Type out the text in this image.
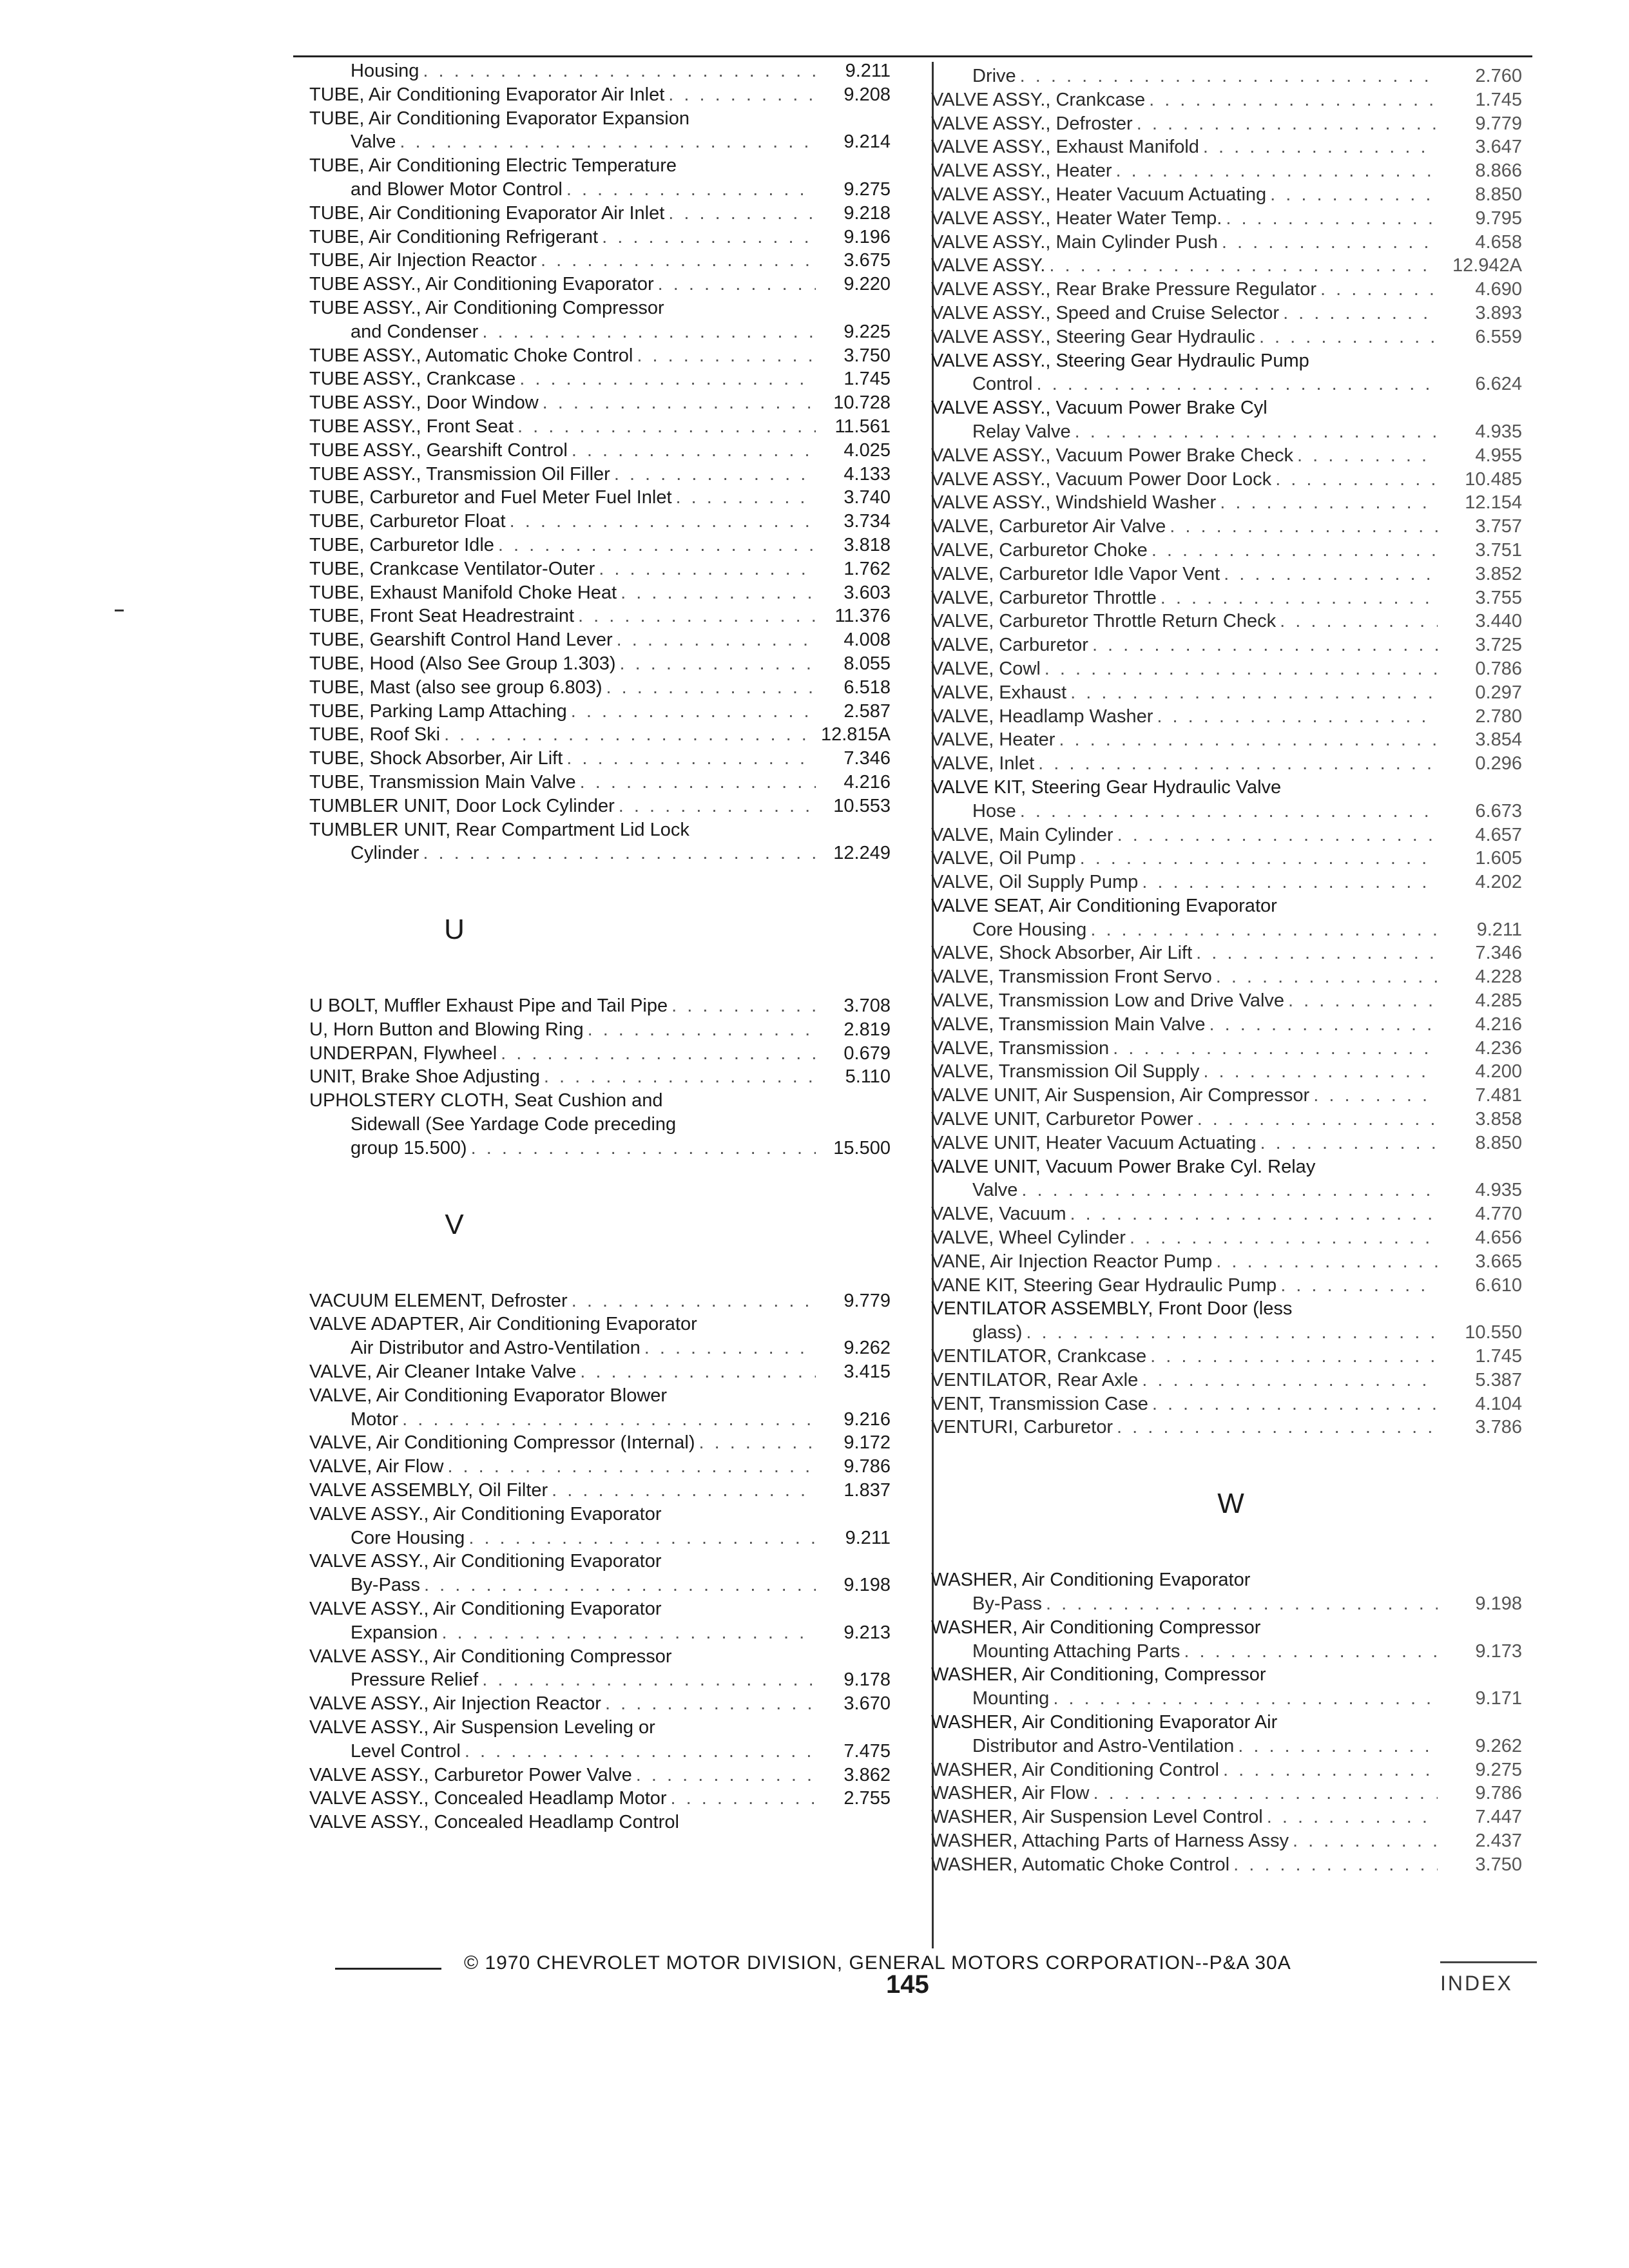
Housing . . .	9.211
TUBE, Air Conditioning Evaporator Air Inlet . . .	9.208
TUBE, Air Conditioning Evaporator Expansion
Valve . . .	9.214
TUBE, Air Conditioning Electric Temperature
and Blower Motor Control . . .	9.275
TUBE, Air Conditioning Evaporator Air Inlet . . .	9.218
TUBE, Air Conditioning Refrigerant . . .	9.196
TUBE, Air Injection Reactor . . .	3.675
TUBE ASSY., Air Conditioning Evaporator . . .	9.220
TUBE ASSY., Air Conditioning Compressor
and Condenser . . .	9.225
TUBE ASSY., Automatic Choke Control . . .	3.750
TUBE ASSY., Crankcase . . .	1.745
TUBE ASSY., Door Window . . .	10.728
TUBE ASSY., Front Seat . . .	11.561
TUBE ASSY., Gearshift Control . . .	4.025
TUBE ASSY., Transmission Oil Filler . . .	4.133
TUBE, Carburetor and Fuel Meter Fuel Inlet . . .	3.740
TUBE, Carburetor Float . . .	3.734
TUBE, Carburetor Idle . . .	3.818
TUBE, Crankcase Ventilator-Outer . . .	1.762
TUBE, Exhaust Manifold Choke Heat . . .	3.603
TUBE, Front Seat Headrestraint . . .	11.376
TUBE, Gearshift Control Hand Lever . . .	4.008
TUBE, Hood (Also See Group 1.303) . . .	8.055
TUBE, Mast (also see group 6.803) . . .	6.518
TUBE, Parking Lamp Attaching . . .	2.587
TUBE, Roof Ski . . .	12.815A
TUBE, Shock Absorber, Air Lift . . .	7.346
TUBE, Transmission Main Valve . . .	4.216
TUMBLER UNIT, Door Lock Cylinder . . .	10.553
TUMBLER UNIT, Rear Compartment Lid Lock
Cylinder . . .	12.249
U
U BOLT, Muffler Exhaust Pipe and Tail Pipe . . .	3.708
U, Horn Button and Blowing Ring . . .	2.819
UNDERPAN, Flywheel . . .	0.679
UNIT, Brake Shoe Adjusting . . .	5.110
UPHOLSTERY CLOTH, Seat Cushion and
Sidewall (See Yardage Code preceding
group 15.500) . . .	15.500
V
VACUUM ELEMENT, Defroster . . .	9.779
VALVE ADAPTER, Air Conditioning Evaporator
Air Distributor and Astro-Ventilation . . .	9.262
VALVE, Air Cleaner Intake Valve . . .	3.415
VALVE, Air Conditioning Evaporator Blower
Motor . . .	9.216
VALVE, Air Conditioning Compressor (Internal) . . .	9.172
VALVE, Air Flow . . .	9.786
VALVE ASSEMBLY, Oil Filter . . .	1.837
VALVE ASSY., Air Conditioning Evaporator
Core Housing . . .	9.211
VALVE ASSY., Air Conditioning Evaporator
By-Pass . . .	9.198
VALVE ASSY., Air Conditioning Evaporator
Expansion . . .	9.213
VALVE ASSY., Air Conditioning Compressor
Pressure Relief . . .	9.178
VALVE ASSY., Air Injection Reactor . . .	3.670
VALVE ASSY., Air Suspension Leveling or
Level Control . . .	7.475
VALVE ASSY., Carburetor Power Valve . . .	3.862
VALVE ASSY., Concealed Headlamp Motor . . .	2.755
VALVE ASSY., Concealed Headlamp Control
Drive . . .	2.760
VALVE ASSY., Crankcase . . .	1.745
VALVE ASSY., Defroster . . .	9.779
VALVE ASSY., Exhaust Manifold . . .	3.647
VALVE ASSY., Heater . . .	8.866
VALVE ASSY., Heater Vacuum Actuating . . .	8.850
VALVE ASSY., Heater Water Temp. . . .	9.795
VALVE ASSY., Main Cylinder Push . . .	4.658
VALVE ASSY. . . .	12.942A
VALVE ASSY., Rear Brake Pressure Regulator . . .	4.690
VALVE ASSY., Speed and Cruise Selector . . .	3.893
VALVE ASSY., Steering Gear Hydraulic . . .	6.559
VALVE ASSY., Steering Gear Hydraulic Pump
Control . . .	6.624
VALVE ASSY., Vacuum Power Brake Cyl
Relay Valve . . .	4.935
VALVE ASSY., Vacuum Power Brake Check . . .	4.955
VALVE ASSY., Vacuum Power Door Lock . . .	10.485
VALVE ASSY., Windshield Washer . . .	12.154
VALVE, Carburetor Air Valve . . .	3.757
VALVE, Carburetor Choke . . .	3.751
VALVE, Carburetor Idle Vapor Vent . . .	3.852
VALVE, Carburetor Throttle . . .	3.755
VALVE, Carburetor Throttle Return Check . . .	3.440
VALVE, Carburetor . . .	3.725
VALVE, Cowl . . .	0.786
VALVE, Exhaust . . .	0.297
VALVE, Headlamp Washer . . .	2.780
VALVE, Heater . . .	3.854
VALVE, Inlet . . .	0.296
VALVE KIT, Steering Gear Hydraulic Valve
Hose . . .	6.673
VALVE, Main Cylinder . . .	4.657
VALVE, Oil Pump . . .	1.605
VALVE, Oil Supply Pump . . .	4.202
VALVE SEAT, Air Conditioning Evaporator
Core Housing . . .	9.211
VALVE, Shock Absorber, Air Lift . . .	7.346
VALVE, Transmission Front Servo . . .	4.228
VALVE, Transmission Low and Drive Valve . . .	4.285
VALVE, Transmission Main Valve . . .	4.216
VALVE, Transmission . . .	4.236
VALVE, Transmission Oil Supply . . .	4.200
VALVE UNIT, Air Suspension, Air Compressor . . .	7.481
VALVE UNIT, Carburetor Power . . .	3.858
VALVE UNIT, Heater Vacuum Actuating . . .	8.850
VALVE UNIT, Vacuum Power Brake Cyl. Relay
Valve . . .	4.935
VALVE, Vacuum . . .	4.770
VALVE, Wheel Cylinder . . .	4.656
VANE, Air Injection Reactor Pump . . .	3.665
VANE KIT, Steering Gear Hydraulic Pump . . .	6.610
VENTILATOR ASSEMBLY, Front Door (less
glass) . . .	10.550
VENTILATOR, Crankcase . . .	1.745
VENTILATOR, Rear Axle . . .	5.387
VENT, Transmission Case . . .	4.104
VENTURI, Carburetor . . .	3.786
W
WASHER, Air Conditioning Evaporator
By-Pass . . .	9.198
WASHER, Air Conditioning Compressor
Mounting Attaching Parts . . .	9.173
WASHER, Air Conditioning, Compressor
Mounting . . .	9.171
WASHER, Air Conditioning Evaporator Air
Distributor and Astro-Ventilation . . .	9.262
WASHER, Air Conditioning Control . . .	9.275
WASHER, Air Flow . . .	9.786
WASHER, Air Suspension Level Control . . .	7.447
WASHER, Attaching Parts of Harness Assy . . .	2.437
WASHER, Automatic Choke Control . . .	3.750
© 1970 CHEVROLET MOTOR DIVISION, GENERAL MOTORS CORPORATION--P&A 30A
145	INDEX
